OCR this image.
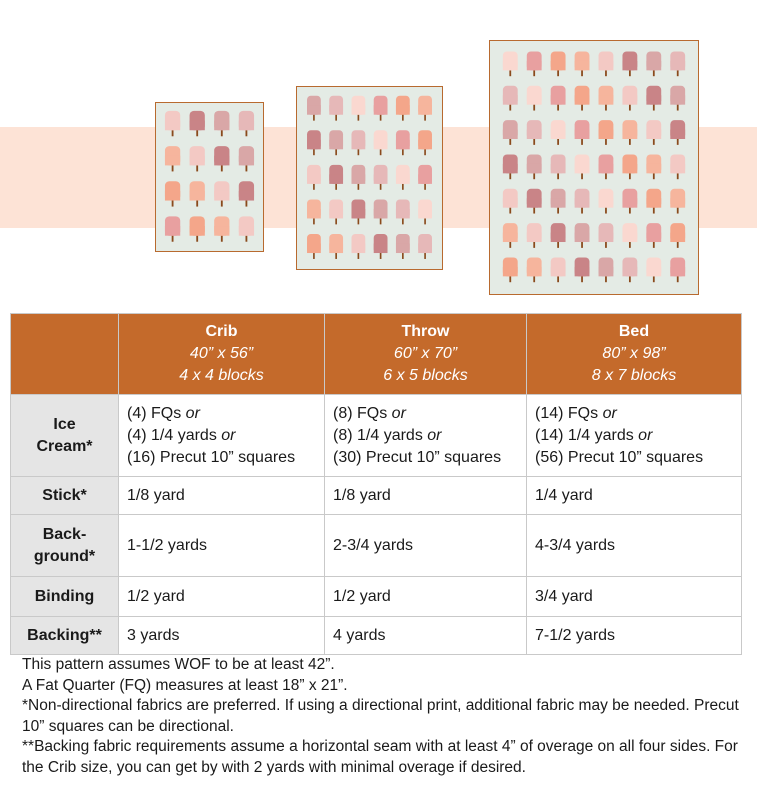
	Crib
40” x 56”
4 x 4 blocks	Throw
60” x 70”
6 x 5 blocks	Bed
80” x 98”
8 x 7 blocks

Ice
Cream*	(4) FQs or
(4) 1/4 yards or
(16) Precut 10” squares	(8) FQs or
(8) 1/4 yards or
(30) Precut 10” squares	(14) FQs or
(14) 1/4 yards or
(56) Precut 10” squares

Stick*	1/8 yard	1/8 yard	1/4 yard

Back-
ground*	1-1/2 yards	2-3/4 yards	4-3/4 yards
Binding	1/2 yard	1/2 yard	3/4 yard
Backing**	3 yards	4 yards	7-1/2 yards

This pattern assumes WOF to be at least 42”.

A Fat Quarter (FQ) measures at least 18” x 21”.

*Non-directional fabrics are preferred. If using a directional print, additional fabric may be needed. Precut 10” squares can be directional.

**Backing fabric requirements assume a horizontal seam with at least 4” of overage on all four sides. For the Crib size, you can get by with 2 yards with minimal overage if desired.
